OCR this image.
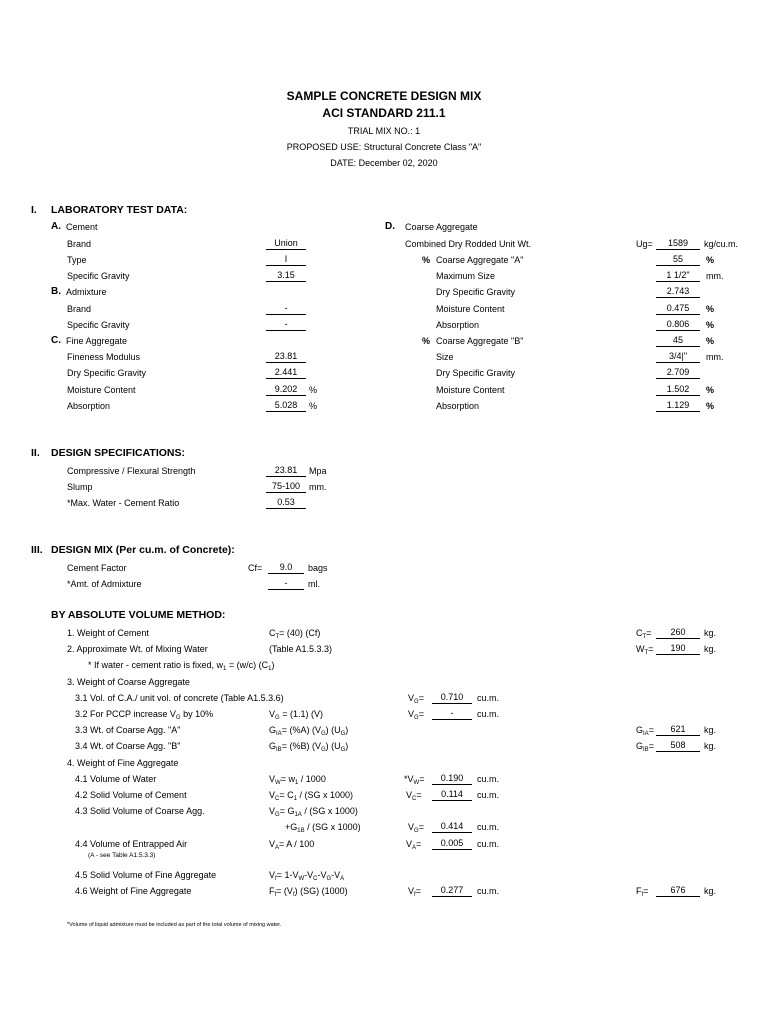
SAMPLE CONCRETE DESIGN MIX
ACI STANDARD 211.1
TRIAL MIX NO.: 1
PROPOSED USE: Structural Concrete Class "A"
DATE: December 02, 2020
I. LABORATORY TEST DATA:
A. Cement
Brand	Union
Type	I
Specific Gravity	3.15
B. Admixture
Brand	-
Specific Gravity	-
C. Fine Aggregate
Fineness Modulus	23.81
Dry Specific Gravity	2.441
Moisture Content	9.202	%
Absorption	5.028	%
D. Coarse Aggregate
Combined Dry Rodded Unit Wt.	Ug=	1589	kg/cu.m.
% Coarse Aggregate "A"	55	%
Maximum Size	1 1/2"	mm.
Dry Specific Gravity	2.743
Moisture Content	0.475	%
Absorption	0.806	%
% Coarse Aggregate "B"	45	%
Size	3/4|"	mm.
Dry Specific Gravity	2.709
Moisture Content	1.502	%
Absorption	1.129	%
II. DESIGN SPECIFICATIONS:
Compressive / Flexural Strength	23.81	Mpa
Slump	75-100 mm.
*Max. Water - Cement Ratio	0.53
III. DESIGN MIX (Per cu.m. of Concrete):
Cement Factor	Cf=	9.0	bags
*Amt. of Admixture	-	ml.
BY ABSOLUTE VOLUME METHOD:
1. Weight of Cement	$C_T= (40)$ (Cf)	$C_T=$	260	kg.
2. Approximate Wt. of Mixing Water	(Table A1.5.3.3)	$W_T=$	190	kg.
* If water - cement ratio is fixed, $w_1 = (w/c)$ $(C_1)$
3. Weight of Coarse Aggregate
3.1 Vol. of C.A./ unit vol. of concrete (Table A1.5.3.6)	$V_G=$	0.710	cu.m.
3.2 For PCCP increase $V_G$ by 10%	$V_G = (1.1)$ (V)	$V_G=$	-	cu.m.
3.3 Wt. of Coarse Agg. "A"	$G_{IA}= (\%A)$ $(V_G)$ $(U_G)$	$G_{IA}=$	621	kg.
3.4 Wt. of Coarse Agg. "B"	$G_{IB}= (\%B)$ $(V_G)$ $(U_G)$	$G_{IB}=$	508	kg.
4. Weight of Fine Aggregate
4.1 Volume of Water	$V_W= w_1 / 1000$	$*V_W=$	0.190	cu.m.
4.2 Solid Volume of Cement	$V_C= C_1 / (SG$ x 1000)	$V_C=$	0.114	cu.m.
4.3 Solid Volume of Coarse Agg.	$V_G= G_{1A} / (SG$ x 1000)
$+G_{1B} / (SG$ x 1000)	$V_G=$	0.414	cu.m.
4.4 Volume of Entrapped Air
(A - see Table A1.5.3.3)
$V_A= A / 100$	$V_A=$	0.005	cu.m.
4.5 Solid Volume of Fine Aggregate	$V_f= 1-V_W-V_C-V_G-V_A$
4.6 Weight of Fine Aggregate	$F_f= (V_f)$ (SG) (1000)	$V_f=$	0.277	cu.m.	$F_f=$	676	kg.
*Volume of liquid admixture must be included as part of the total volume of mixing water.
